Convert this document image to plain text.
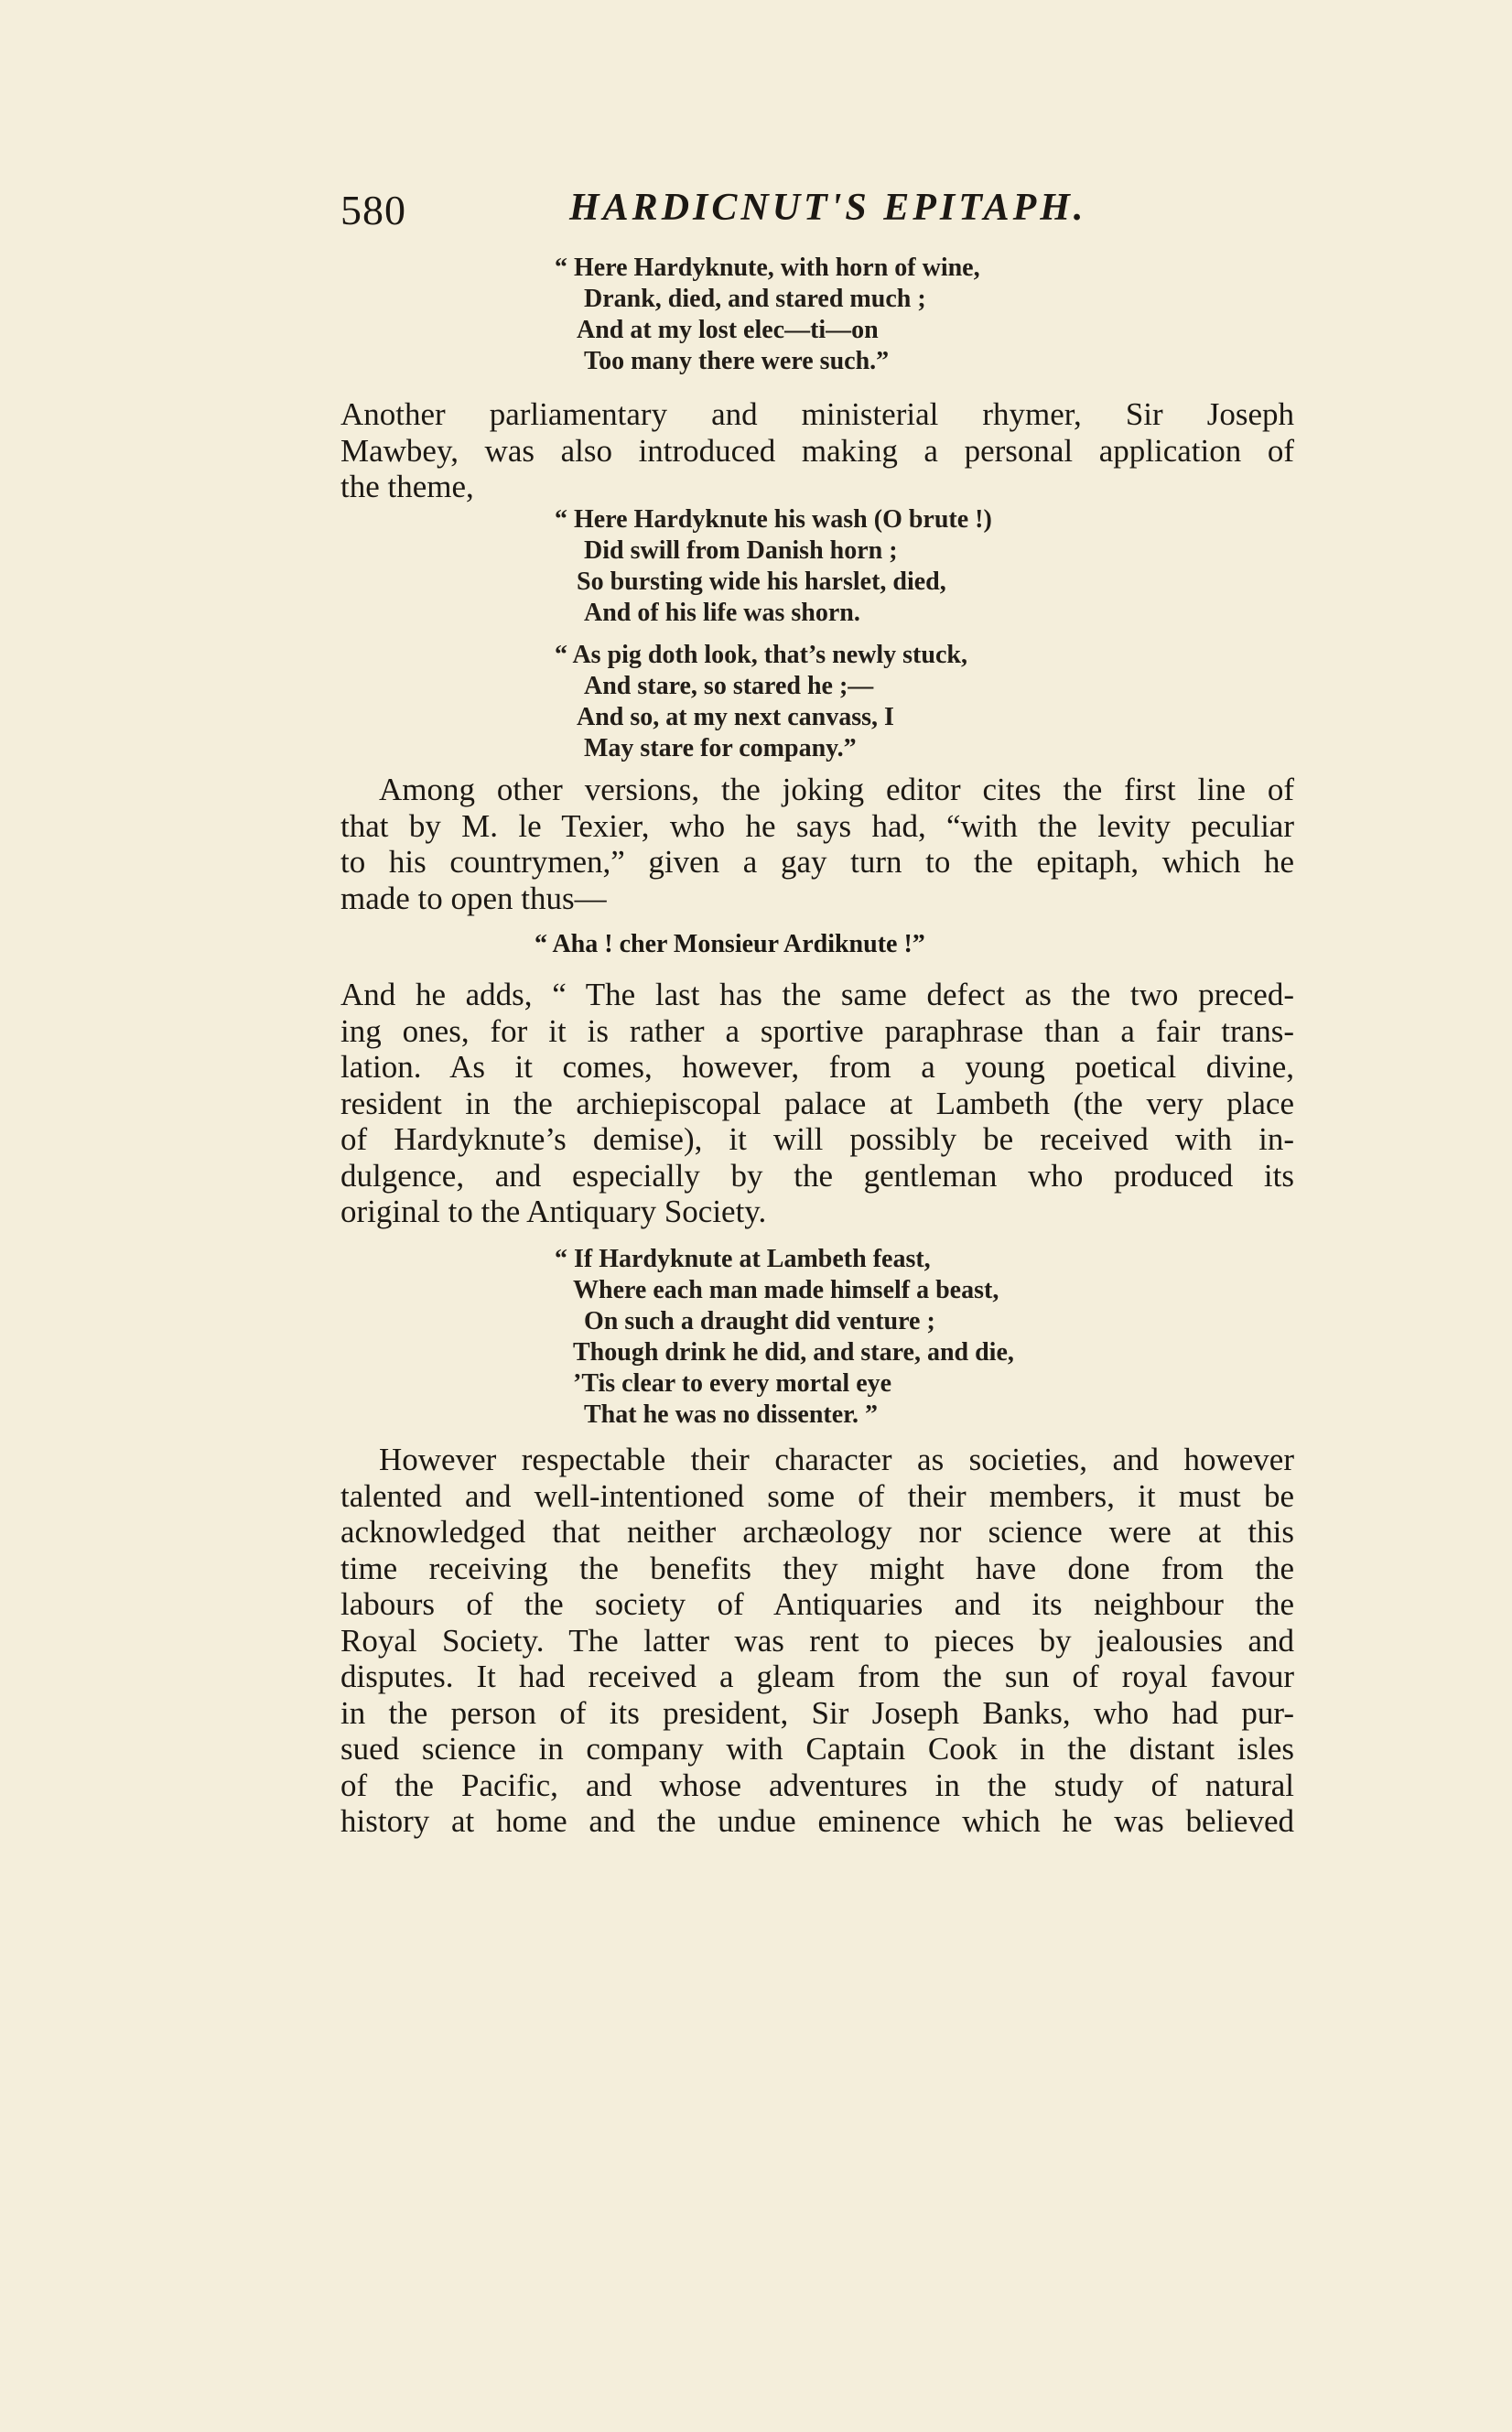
580	HARDICNUT'S EPITAPH.
“ Here Hardyknute, with horn of wine,
Drank, died, and stared much ;
And at my lost elec—ti—on
Too many there were such.”
Another parliamentary and ministerial rhymer, Sir Joseph
Mawbey, was also introduced making a personal application of
the theme,
“ Here Hardyknute his wash (O brute !)
Did swill from Danish horn ;
So bursting wide his harslet, died,
And of his life was shorn.
“ As pig doth look, that’s newly stuck,
And stare, so stared he ;—
And so, at my next canvass, I
May stare for company.”
Among other versions, the joking editor cites the first line of
that by M. le Texier, who he says had, “with the levity peculiar
to his countrymen,” given a gay turn to the epitaph, which he
made to open thus—
“ Aha ! cher Monsieur Ardiknute !”
And he adds, “ The last has the same defect as the two preced-
ing ones, for it is rather a sportive paraphrase than a fair trans-
lation. As it comes, however, from a young poetical divine,
resident in the archiepiscopal palace at Lambeth (the very place
of Hardyknute’s demise), it will possibly be received with in-
dulgence, and especially by the gentleman who produced its
original to the Antiquary Society.
“ If Hardyknute at Lambeth feast,
Where each man made himself a beast,
On such a draught did venture ;
Though drink he did, and stare, and die,
’Tis clear to every mortal eye
That he was no dissenter. ”
However respectable their character as societies, and however
talented and well-intentioned some of their members, it must be
acknowledged that neither archæology nor science were at this
time receiving the benefits they might have done from the
labours of the society of Antiquaries and its neighbour the
Royal Society. The latter was rent to pieces by jealousies and
disputes. It had received a gleam from the sun of royal favour
in the person of its president, Sir Joseph Banks, who had pur-
sued science in company with Captain Cook in the distant isles
of the Pacific, and whose adventures in the study of natural
history at home and the undue eminence which he was believed
